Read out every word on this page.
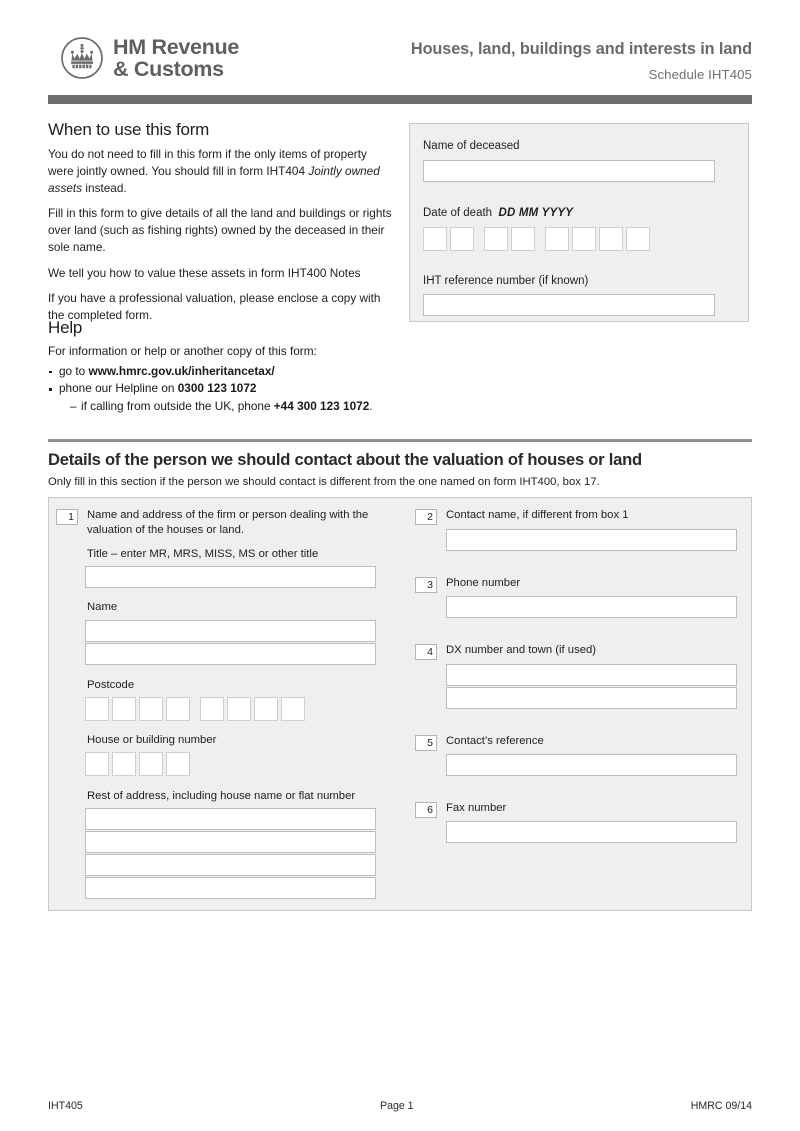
HM Revenue
& Customs
Houses, land, buildings and interests in land
Schedule IHT405
When to use this form

You do not need to fill in this form if the only items of property were jointly owned. You should fill in form IHT404 Jointly owned assets instead.

Fill in this form to give details of all the land and buildings or rights over land (such as fishing rights) owned by the deceased in their sole name.

We tell you how to value these assets in form IHT400 Notes

If you have a professional valuation, please enclose a copy with the completed form.

Help

For information or help or another copy of this form:

go to www.hmrc.gov.uk/inheritancetax/
phone our Helpline on 0300 123 1072
– if calling from outside the UK, phone +44 300 123 1072.
Name of deceased
Date of death DD MM YYYY
IHT reference number (if known)
Details of the person we should contact about the valuation of houses or land
Only fill in this section if the person we should contact is different from the one named on form IHT400, box 17.
1	Name and address of the firm or person dealing with the valuation of the houses or land.
Title – enter MR, MRS, MISS, MS or other title
Name
Postcode
House or building number
Rest of address, including house name or flat number
2	Contact name, if different from box 1
3	Phone number
4	DX number and town (if used)
5	Contact’s reference
6	Fax number
IHT405	Page 1	HMRC 09/14
